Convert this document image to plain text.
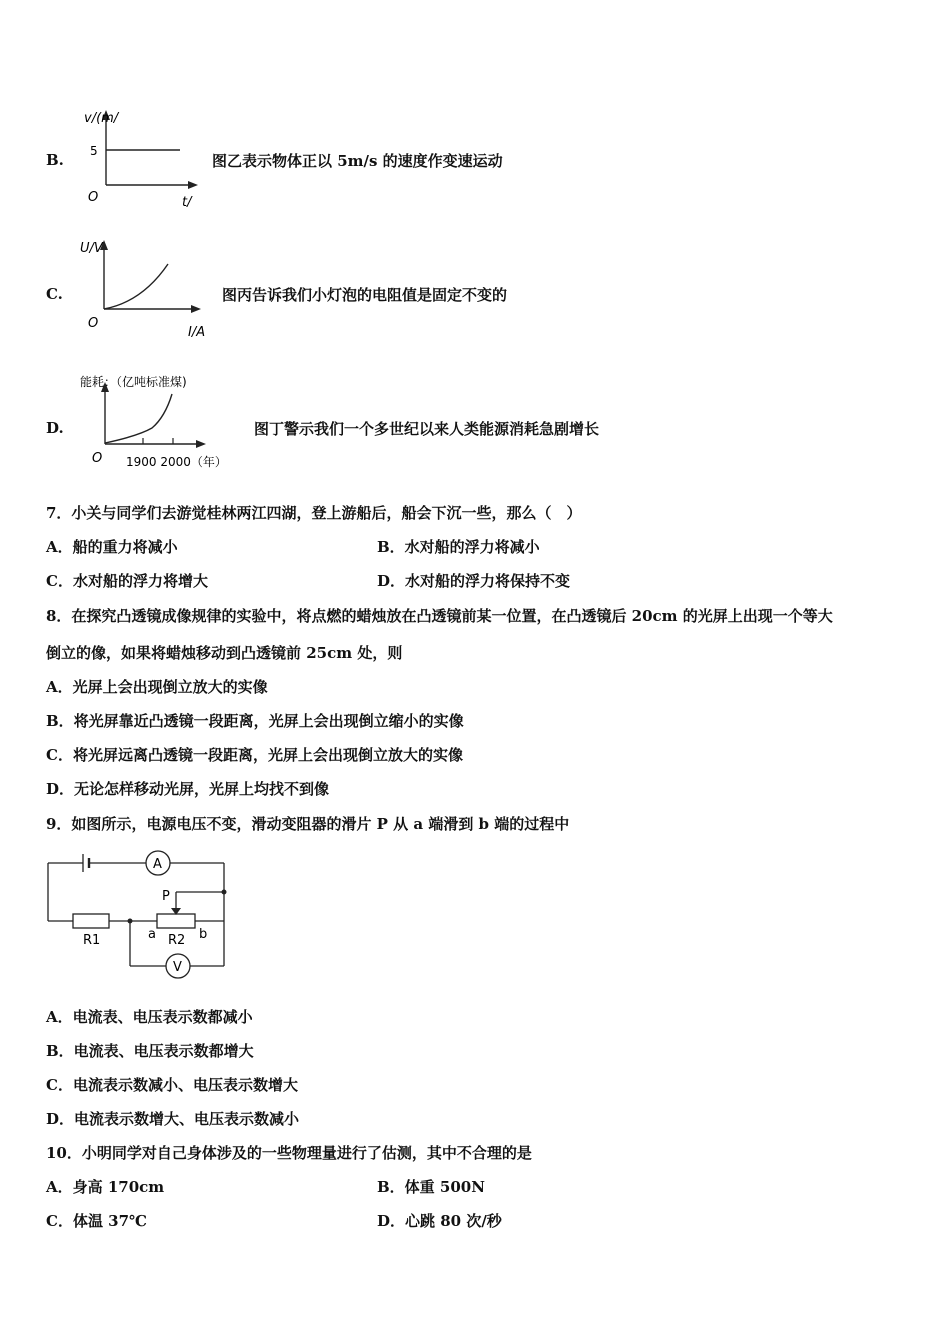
B.
v/(m/
5
O	t/
图乙表示物体正以 5m/s 的速度作变速运动
C.
U/V
O
I/A
图丙告诉我们小灯泡的电阻值是固定不变的
D.
能耗：（亿吨标准煤)
O 1900 2000（年）
图丁警示我们一个多世纪以来人类能源消耗急剧增长
7．小关与同学们去游觉桂林两江四湖，登上游船后，船会下沉一些，那么（　）
A．船的重力将减小	B．水对船的浮力将减小
C．水对船的浮力将增大	D．水对船的浮力将保持不变
8．在探究凸透镜成像规律的实验中，将点燃的蜡烛放在凸透镜前某一位置，在凸透镜后 20cm 的光屏上出现一个等大
倒立的像，如果将蜡烛移动到凸透镜前 25cm 处，则
A．光屏上会出现倒立放大的实像
B．将光屏靠近凸透镜一段距离，光屏上会出现倒立缩小的实像
C．将光屏远离凸透镜一段距离，光屏上会出现倒立放大的实像
D．无论怎样移动光屏，光屏上均找不到像
9．如图所示，电源电压不变，滑动变阻器的滑片 P 从 a 端滑到 b 端的过程中
A
V
P
R1	R2
a	b
A．电流表、电压表示数都减小
B．电流表、电压表示数都增大
C．电流表示数减小、电压表示数增大
D．电流表示数增大、电压表示数减小
10．小明同学对自己身体涉及的一些物理量进行了估测，其中不合理的是
A．身高 170cm	B．体重 500N
C．体温 37℃	D．心跳 80 次/秒
